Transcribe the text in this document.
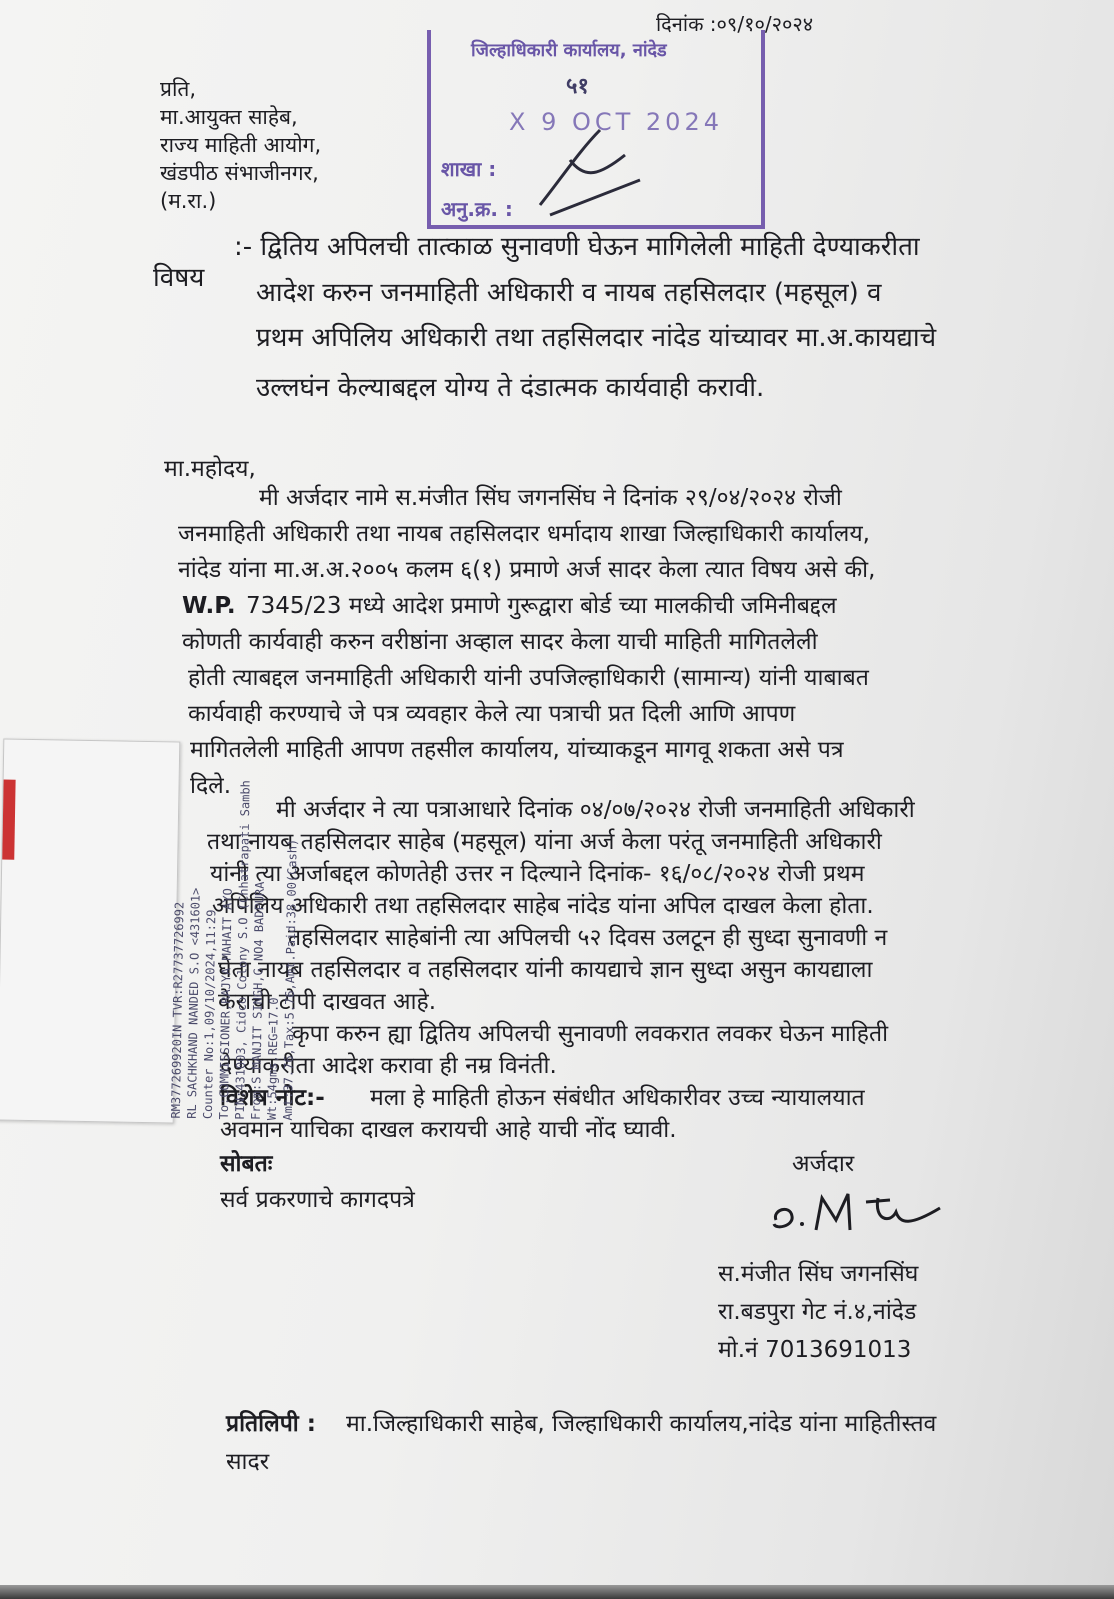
दिनांक :०९/१०/२०२४
प्रति,
मा.आयुक्त साहेब,
राज्य माहिती आयोग,
खंडपीठ संभाजीनगर,
(म.रा.)
जिल्हाधिकारी कार्यालय, नांदेड
५१
X 9 OCT 2024
शाखा :
अनु.क्र. :
विषय
:- द्वितिय अपिलची तात्काळ सुनावणी घेऊन मागिलेली माहिती देण्याकरीता
आदेश करुन जनमाहिती अधिकारी व नायब तहसिलदार (महसूल) व
प्रथम अपिलिय अधिकारी तथा तहसिलदार नांदेड यांच्यावर मा.अ.कायद्याचे
उल्लघंन केल्याबद्दल योग्य ते दंडात्मक कार्यवाही करावी.
मा.महोदय,
मी अर्जदार नामे स.मंजीत सिंघ जगनसिंघ ने दिनांक २९/०४/२०२४ रोजी
जनमाहिती अधिकारी तथा नायब तहसिलदार धर्मादाय शाखा जिल्हाधिकारी कार्यालय,
नांदेड यांना मा.अ.अ.२००५ कलम ६(१) प्रमाणे अर्ज सादर केला त्यात विषय असे की,
W.P. 7345/23 मध्ये आदेश प्रमाणे गुरूद्वारा बोर्ड च्या मालकीची जमिनीबद्दल
कोणती कार्यवाही करुन वरीष्ठांना अव्हाल सादर केला याची माहिती मागितलेली
होती त्याबद्दल जनमाहिती अधिकारी यांनी उपजिल्हाधिकारी (सामान्य) यांनी याबाबत
कार्यवाही करण्याचे जे पत्र व्यवहार केले त्या पत्राची प्रत दिली आणि आपण
मागितलेली माहिती आपण तहसील कार्यालय, यांच्याकडून मागवू शकता असे पत्र
दिले.
मी अर्जदार ने त्या पत्राआधारे दिनांक ०४/०७/२०२४ रोजी जनमाहिती अधिकारी
तथा नायब तहसिलदार साहेब (महसूल) यांना अर्ज केला परंतू जनमाहिती अधिकारी
यांनी त्या अर्जाबद्दल कोणतेही उत्तर न दिल्याने दिनांक- १६/०८/२०२४ रोजी प्रथम
अपिलिय अधिकारी तथा तहसिलदार साहेब नांदेड यांना अपिल दाखल केला होता.
तहसिलदार साहेबांनी त्या अपिलची ५२ दिवस उलटून ही सुध्दा सुनावणी न
घेता नायब तहसिलदार व तहसिलदार यांनी कायद्याचे ज्ञान सुध्दा असुन कायद्याला
केराची टोपी दाखवत आहे.
कृपा करुन ह्या द्वितिय अपिलची सुनावणी लवकरात लवकर घेऊन माहिती
देण्याकरीता आदेश करावा ही नम्र विनंती.
विशेष नोट:- मला हे माहिती होऊन संबंधीत अधिकारीवर उच्च न्यायालयात
अवमान याचिका दाखल करायची आहे याची नोंद घ्यावी.
सोबतः	अर्जदार
सर्व प्रकरणाचे कागदपत्रे
स.मंजीत सिंघ जगनसिंघ
रा.बडपुरा गेट नं.४,नांदेड
मो.नं 7013691013
प्रतिलिपी : मा.जिल्हाधिकारी साहेब, जिल्हाधिकारी कार्यालय,नांदेड यांना माहितीस्तव
सादर
RM377269920IN TVR:R27737726992
RL SACHKHAND NANDED S.O <431601>
Counter No:1,09/10/2024,11:29
To:COMMISSIONER,RAJYA MAHAIT AYO
PIN:431003, Cidco Colony S.O (Chhatrapati Sambh
From:S MANJIT SINGH,G NO4 BADPURA
Wt:54gms,REG=17.0 Amt:37.76,Tax:5.76,Amt.Paid:38.00(Cash)
